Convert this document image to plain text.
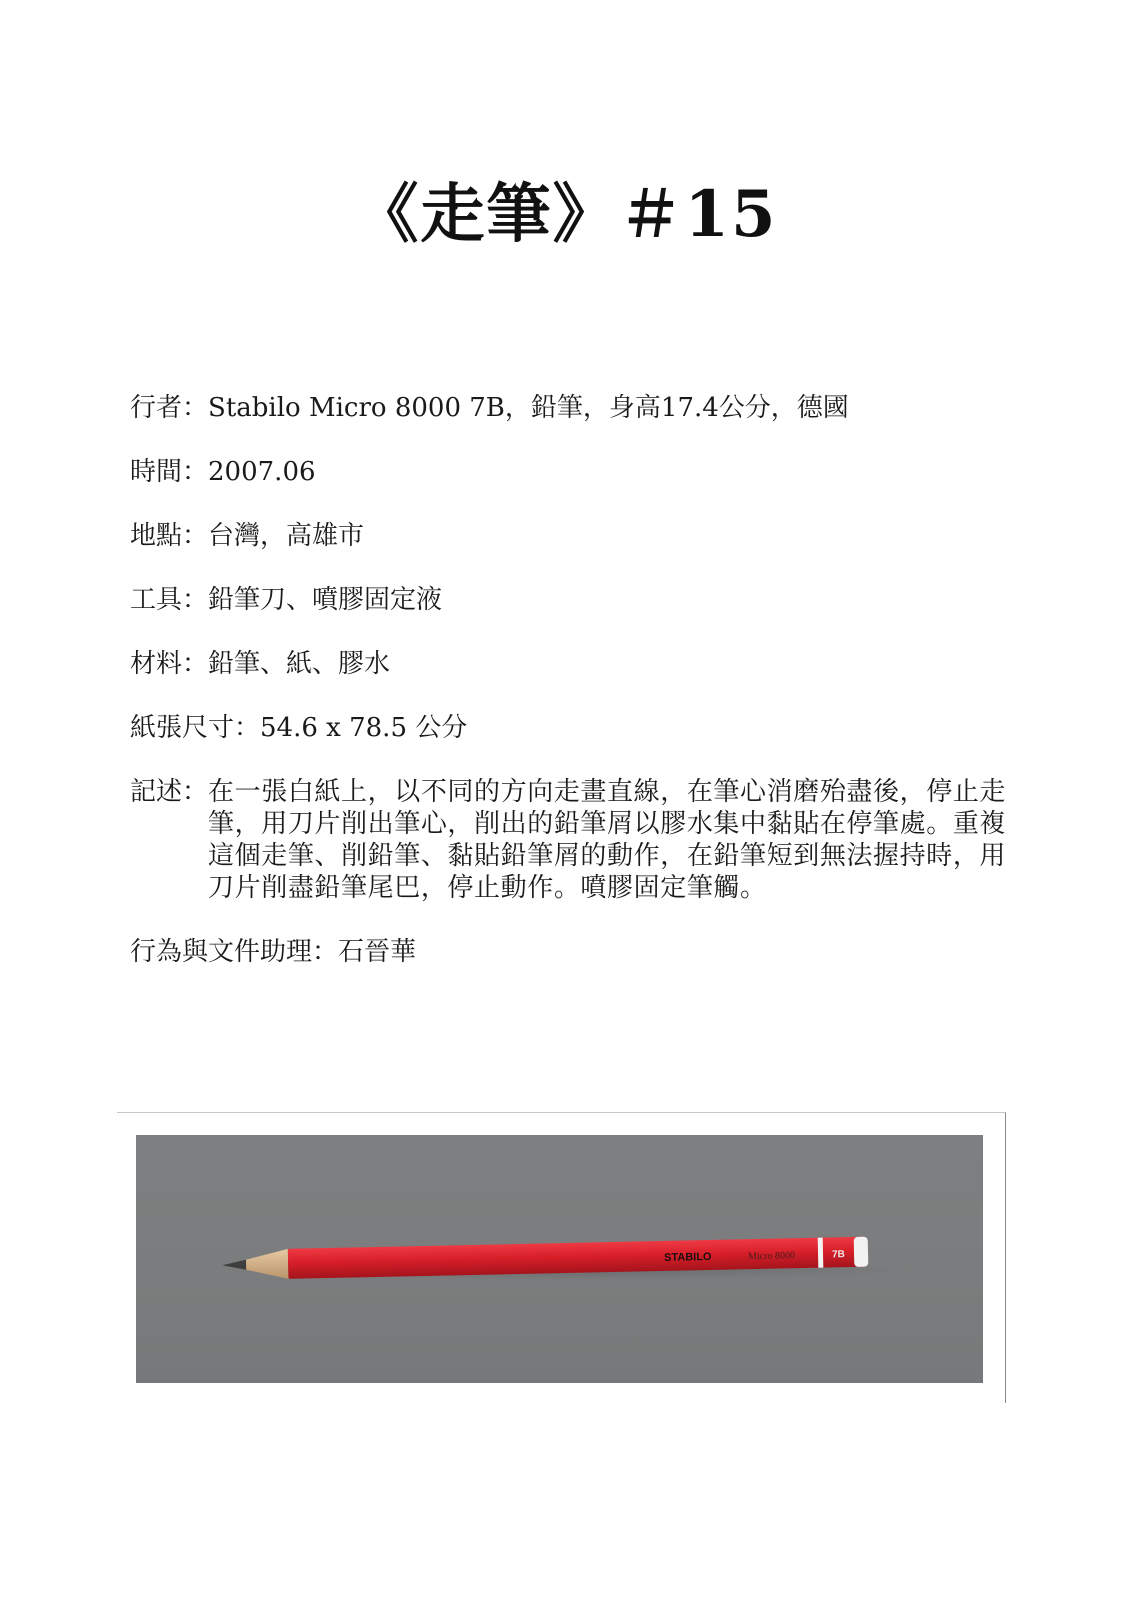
《走筆》＃15
行者： Stabilo Micro 8000 7B，鉛筆，身高17.4公分，德國
時間： 2007.06
地點： 台灣，高雄市
工具： 鉛筆刀、噴膠固定液
材料： 鉛筆、紙、膠水
紙張尺寸： 54.6 x 78.5 公分
記述： 在一張白紙上，以不同的方向走畫直線，在筆心消磨殆盡後，停止走筆，用刀片削出筆心，削出的鉛筆屑以膠水集中黏貼在停筆處。重複這個走筆、削鉛筆、黏貼鉛筆屑的動作，在鉛筆短到無法握持時，用刀片削盡鉛筆尾巴，停止動作。噴膠固定筆觸。
行為與文件助理： 石晉華
STABILO	Micro 8000	7B
